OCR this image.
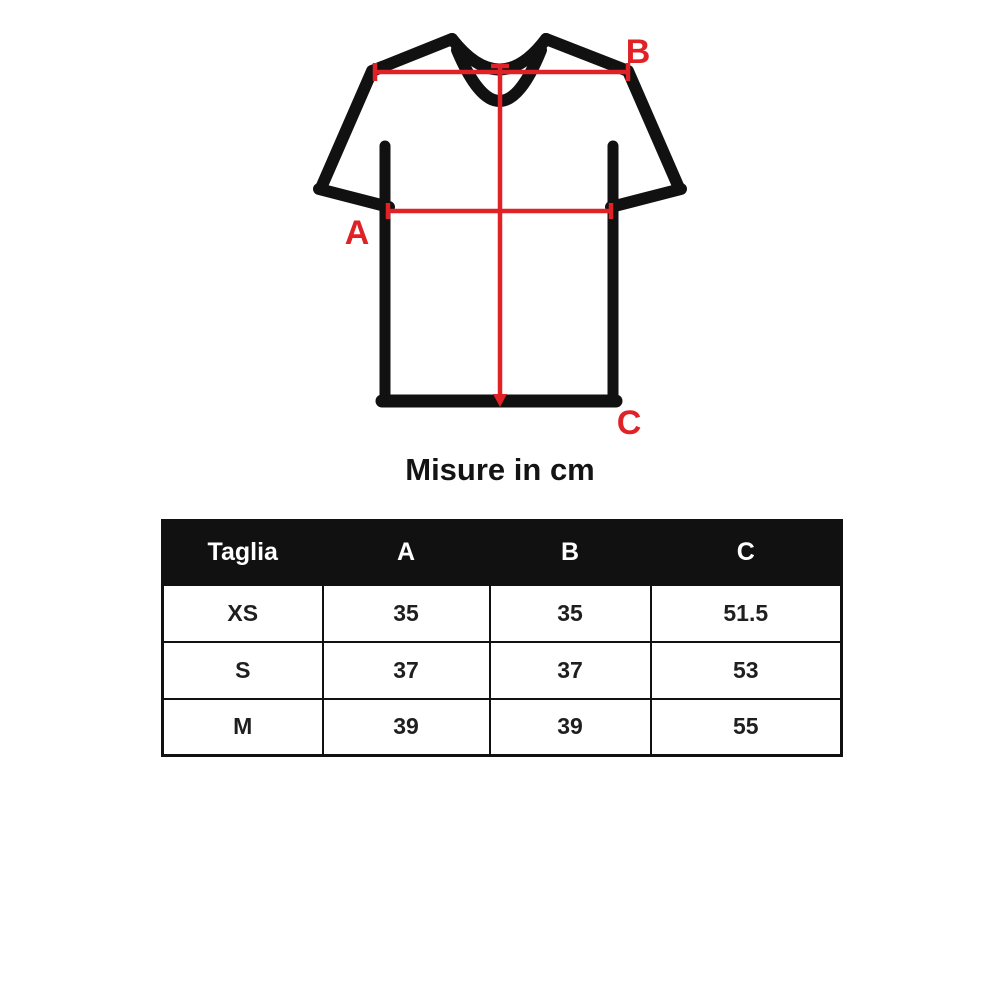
B
A
C
Misure in cm
Taglia	A	B	C
XS	35	35	51.5
S	37	37	53
M	39	39	55
